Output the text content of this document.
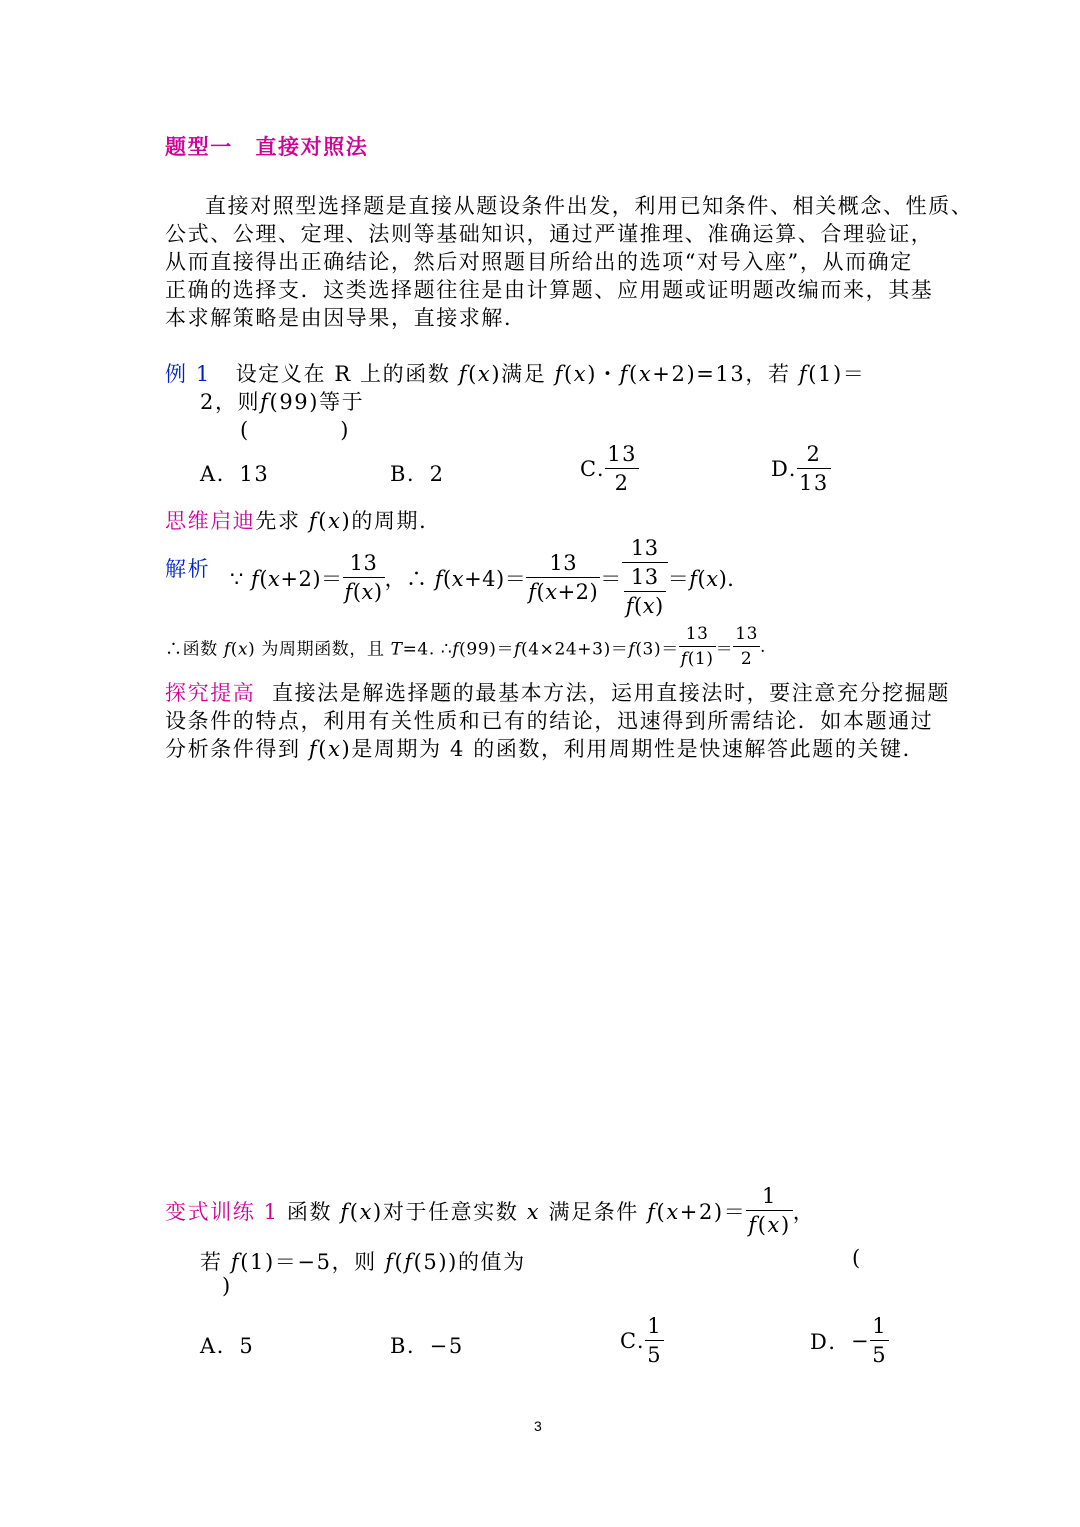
题型一　直接对照法
直接对照型选择题是直接从题设条件出发，利用已知条件、相关概念、性质、
公式、公理、定理、法则等基础知识，通过严谨推理、准确运算、合理验证，
从而直接得出正确结论，然后对照题目所给出的选项“对号入座”，从而确定
正确的选择支．这类选择题往往是由计算题、应用题或证明题改编而来，其基
本求解策略是由因导果，直接求解．
例 1 设定义在 R 上的函数 f(x)满足 f(x)・f(x+2)=13，若 f(1)＝
2，则f(99)等于
(　　　　)
A．13	B．2	C. $\frac{13}{2}$	D. $\frac{2}{13}$
思维启迪先求 f(x)的周期．
解析 ∵ $f(x+2)= \frac{13}{f(x)}$ ，∴ $f(x+4)= \frac{13}{f(x+2)} = \frac{13}{\frac{13}{f(x)}} =f(x)$．
∴函数 f(x) 为周期函数，且 T=4. ∴f(99)＝f(4×24+3)＝f(3)＝ $\frac{13}{f(1)} = \frac{13}{2}$ .
探究提高 直接法是解选择题的最基本方法，运用直接法时，要注意充分挖掘题
设条件的特点，利用有关性质和已有的结论，迅速得到所需结论．如本题通过
分析条件得到 f(x)是周期为 4 的函数，利用周期性是快速解答此题的关键．
变式训练 1 函数 f(x)对于任意实数 x 满足条件 $f(x+2)= \frac{1}{f(x)}$ ，
若 f(1)＝−5，则 f(f(5))的值为	(
)
A．5	B．−5	C. $\frac{1}{5}$	D．− $\frac{1}{5}$
3
